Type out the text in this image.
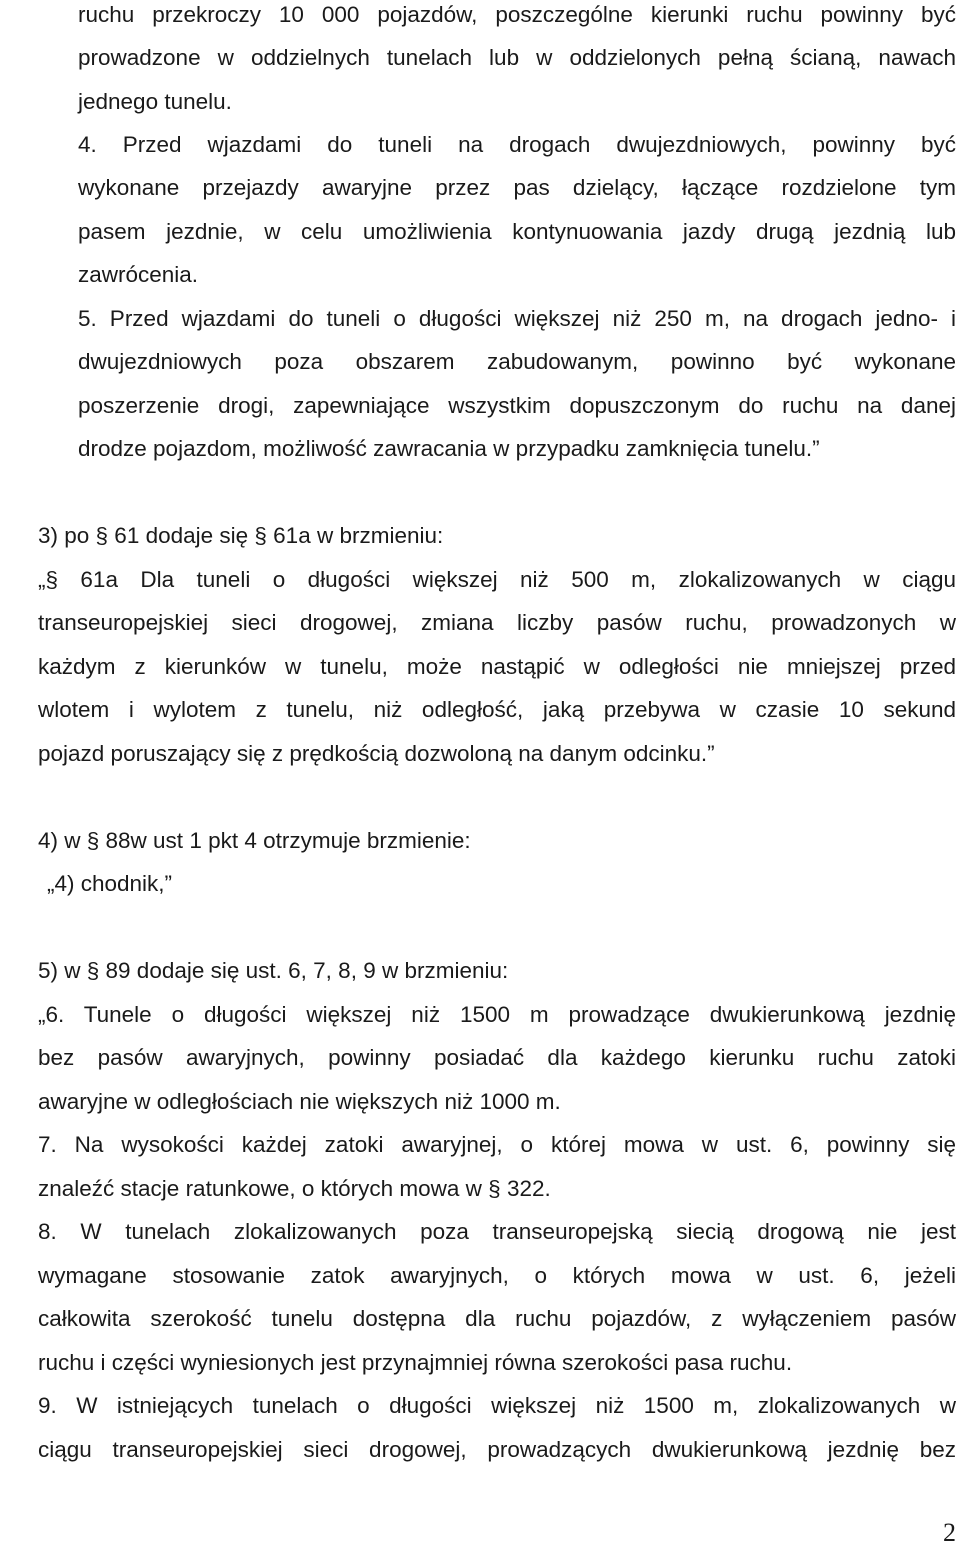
ruchu przekroczy 10 000 pojazdów, poszczególne kierunki ruchu powinny być
prowadzone w oddzielnych tunelach lub w oddzielonych pełną ścianą, nawach
jednego tunelu.
4. Przed wjazdami do tuneli na drogach dwujezdniowych, powinny być
wykonane przejazdy awaryjne przez pas dzielący, łączące rozdzielone tym
pasem jezdnie, w celu umożliwienia kontynuowania jazdy drugą jezdnią lub
zawrócenia.
5. Przed wjazdami do tuneli o długości większej niż 250 m, na drogach jedno- i
dwujezdniowych poza obszarem zabudowanym, powinno być wykonane
poszerzenie drogi, zapewniające wszystkim dopuszczonym do ruchu na danej
drodze pojazdom, możliwość zawracania w przypadku zamknięcia tunelu.”
3) po § 61 dodaje się § 61a w brzmieniu:
„§ 61a Dla tuneli o długości większej niż 500 m, zlokalizowanych w ciągu
transeuropejskiej sieci drogowej, zmiana liczby pasów ruchu, prowadzonych w
każdym z kierunków w tunelu, może nastąpić w odległości nie mniejszej przed
wlotem i wylotem z tunelu, niż odległość, jaką przebywa w czasie 10 sekund
pojazd poruszający się z prędkością dozwoloną na danym odcinku.”
4) w § 88w ust 1 pkt 4 otrzymuje brzmienie:
„4) chodnik,”
5) w § 89 dodaje się ust. 6, 7, 8, 9 w brzmieniu:
„6. Tunele o długości większej niż 1500 m prowadzące dwukierunkową jezdnię
bez pasów awaryjnych, powinny posiadać dla każdego kierunku ruchu zatoki
awaryjne w odległościach nie większych niż 1000 m.
7. Na wysokości każdej zatoki awaryjnej, o której mowa w ust. 6, powinny się
znaleźć stacje ratunkowe, o których mowa w § 322.
8. W tunelach zlokalizowanych poza transeuropejską siecią drogową nie jest
wymagane stosowanie zatok awaryjnych, o których mowa w ust. 6, jeżeli
całkowita szerokość tunelu dostępna dla ruchu pojazdów, z wyłączeniem pasów
ruchu i części wyniesionych jest przynajmniej równa szerokości pasa ruchu.
9. W istniejących tunelach o długości większej niż 1500 m, zlokalizowanych w
ciągu transeuropejskiej sieci drogowej, prowadzących dwukierunkową jezdnię bez
2
